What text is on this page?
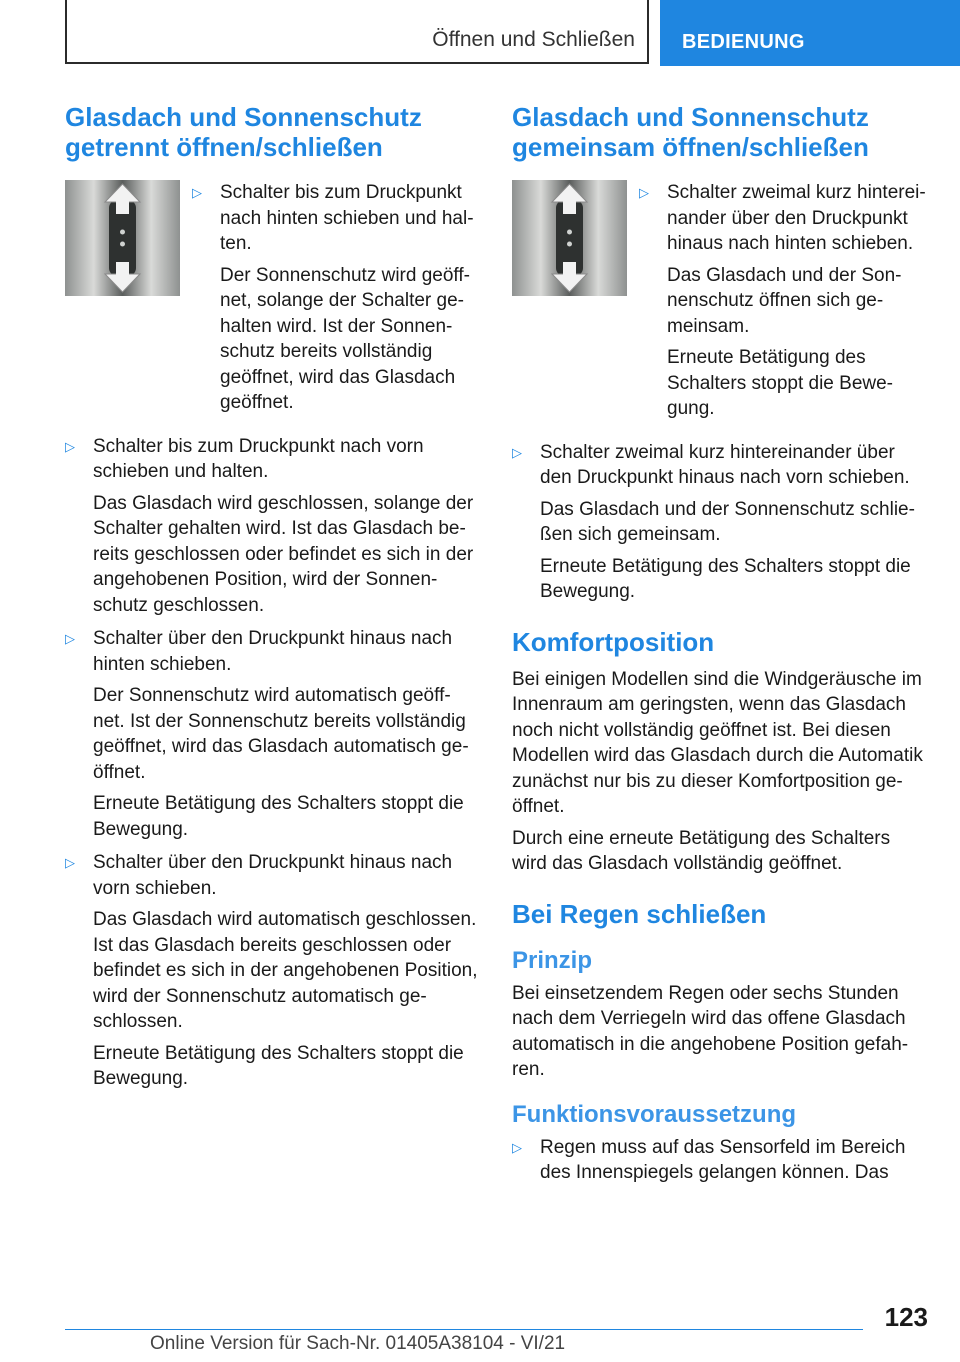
Öffnen und Schließen BEDIENUNG
Glasdach und Sonnenschutz getrennt öffnen/schließen
▷ Schalter bis zum Druckpunkt nach hinten schieben und hal-ten.

Der Sonnenschutz wird geöff-net, solange der Schalter ge-halten wird. Ist der Sonnen-schutz bereits vollständig geöffnet, wird das Glasdach geöffnet.

▷ Schalter bis zum Druckpunkt nach vorn schieben und halten.

Das Glasdach wird geschlossen, solange der Schalter gehalten wird. Ist das Glasdach be-reits geschlossen oder befindet es sich in der angehobenen Position, wird der Sonnen-schutz geschlossen.

▷ Schalter über den Druckpunkt hinaus nach hinten schieben.

Der Sonnenschutz wird automatisch geöff-net. Ist der Sonnenschutz bereits vollständig geöffnet, wird das Glasdach automatisch ge-öffnet.

Erneute Betätigung des Schalters stoppt die Bewegung.

▷ Schalter über den Druckpunkt hinaus nach vorn schieben.

Das Glasdach wird automatisch geschlossen. Ist das Glasdach bereits geschlossen oder befindet es sich in der angehobenen Position, wird der Sonnenschutz automatisch ge-schlossen.

Erneute Betätigung des Schalters stoppt die Bewegung.

Glasdach und Sonnenschutz gemeinsam öffnen/schließen
▷ Schalter zweimal kurz hinterei-nander über den Druckpunkt hinaus nach hinten schieben.

Das Glasdach und der Son-nenschutz öffnen sich ge-meinsam.

Erneute Betätigung des Schalters stoppt die Bewe-gung.

▷ Schalter zweimal kurz hintereinander über den Druckpunkt hinaus nach vorn schieben.

Das Glasdach und der Sonnenschutz schlie-ßen sich gemeinsam.

Erneute Betätigung des Schalters stoppt die Bewegung.

Komfortposition

Bei einigen Modellen sind die Windgeräusche im Innenraum am geringsten, wenn das Glasdach noch nicht vollständig geöffnet ist. Bei diesen Modellen wird das Glasdach durch die Automatik zunächst nur bis zu dieser Komfortposition ge-öffnet.

Durch eine erneute Betätigung des Schalters wird das Glasdach vollständig geöffnet.

Bei Regen schließen
Prinzip

Bei einsetzendem Regen oder sechs Stunden nach dem Verriegeln wird das offene Glasdach automatisch in die angehobene Position gefah-ren.

Funktionsvoraussetzung
▷ Regen muss auf das Sensorfeld im Bereich des Innenspiegels gelangen können. Das

123
Online Version für Sach-Nr. 01405A38104 - VI/21
